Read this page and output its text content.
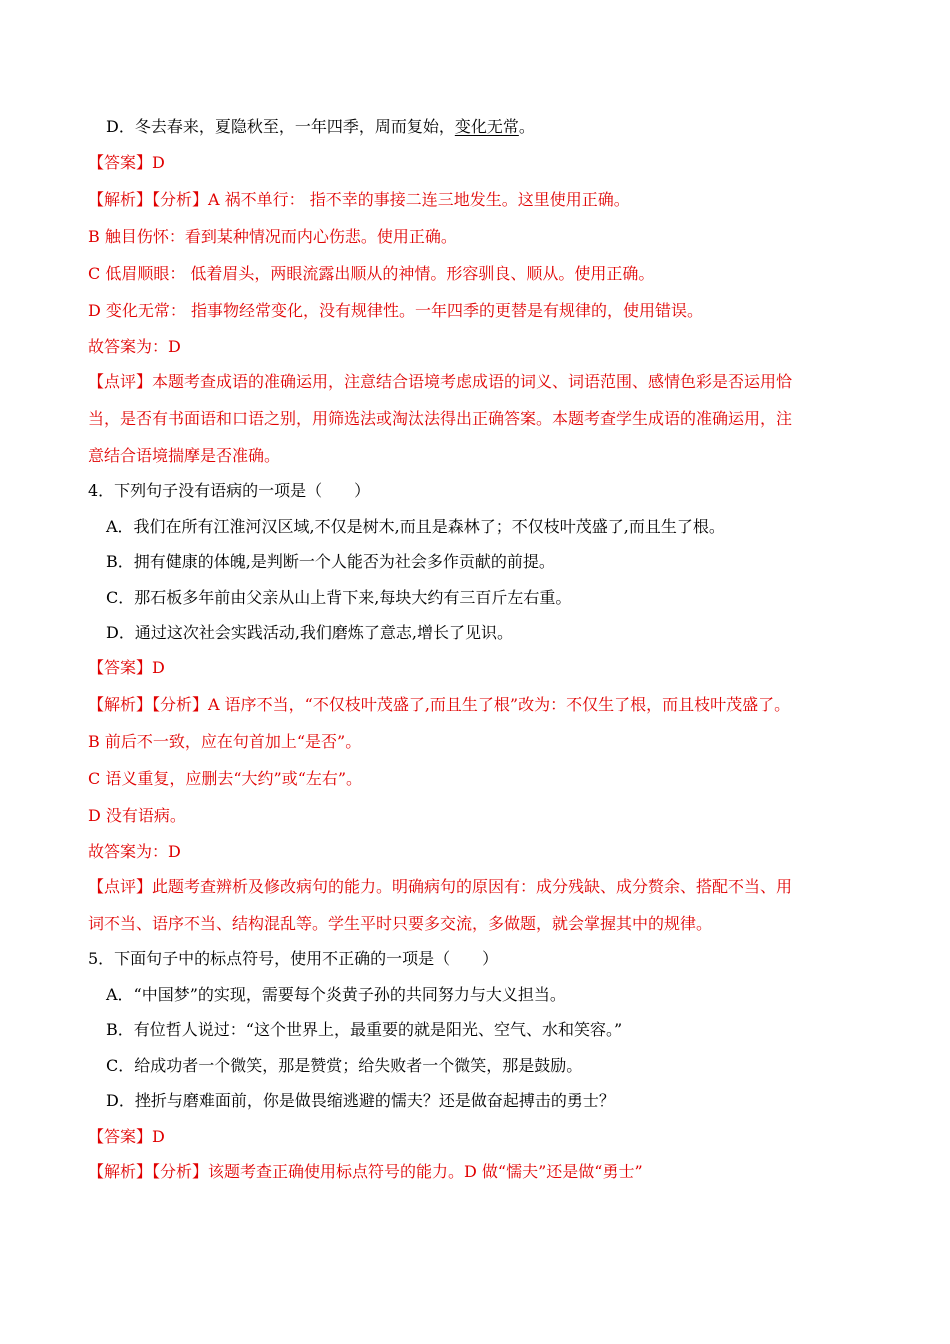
D．冬去春来，夏隐秋至，一年四季，周而复始，变化无常。
【答案】D
【解析】【分析】A 祸不单行： 指不幸的事接二连三地发生。这里使用正确。
B 触目伤怀：看到某种情况而内心伤悲。使用正确。
C 低眉顺眼： 低着眉头，两眼流露出顺从的神情。形容驯良、顺从。使用正确。
D 变化无常： 指事物经常变化，没有规律性。一年四季的更替是有规律的，使用错误。
故答案为：D
【点评】本题考查成语的准确运用，注意结合语境考虑成语的词义、词语范围、感情色彩是否运用恰
当，是否有书面语和口语之别，用筛选法或淘汰法得出正确答案。本题考查学生成语的准确运用，注
意结合语境揣摩是否准确。
4．下列句子没有语病的一项是（　　）
A．我们在所有江淮河汉区域,不仅是树木,而且是森林了；不仅枝叶茂盛了,而且生了根。
B．拥有健康的体魄,是判断一个人能否为社会多作贡献的前提。
C．那石板多年前由父亲从山上背下来,每块大约有三百斤左右重。
D．通过这次社会实践活动,我们磨炼了意志,增长了见识。
【答案】D
【解析】【分析】A 语序不当，“不仅枝叶茂盛了,而且生了根”改为：不仅生了根，而且枝叶茂盛了。
B 前后不一致，应在句首加上“是否”。
C 语义重复，应删去“大约”或“左右”。
D 没有语病。
故答案为：D
【点评】此题考查辨析及修改病句的能力。明确病句的原因有：成分残缺、成分赘余、搭配不当、用
词不当、语序不当、结构混乱等。学生平时只要多交流，多做题，就会掌握其中的规律。
5．下面句子中的标点符号，使用不正确的一项是（　　）
A．“中国梦”的实现，需要每个炎黄子孙的共同努力与大义担当。
B．有位哲人说过：“这个世界上，最重要的就是阳光、空气、水和笑容。”
C．给成功者一个微笑，那是赞赏；给失败者一个微笑，那是鼓励。
D．挫折与磨难面前，你是做畏缩逃避的懦夫？还是做奋起搏击的勇士？
【答案】D
【解析】【分析】该题考查正确使用标点符号的能力。D 做“懦夫”还是做“勇士”
